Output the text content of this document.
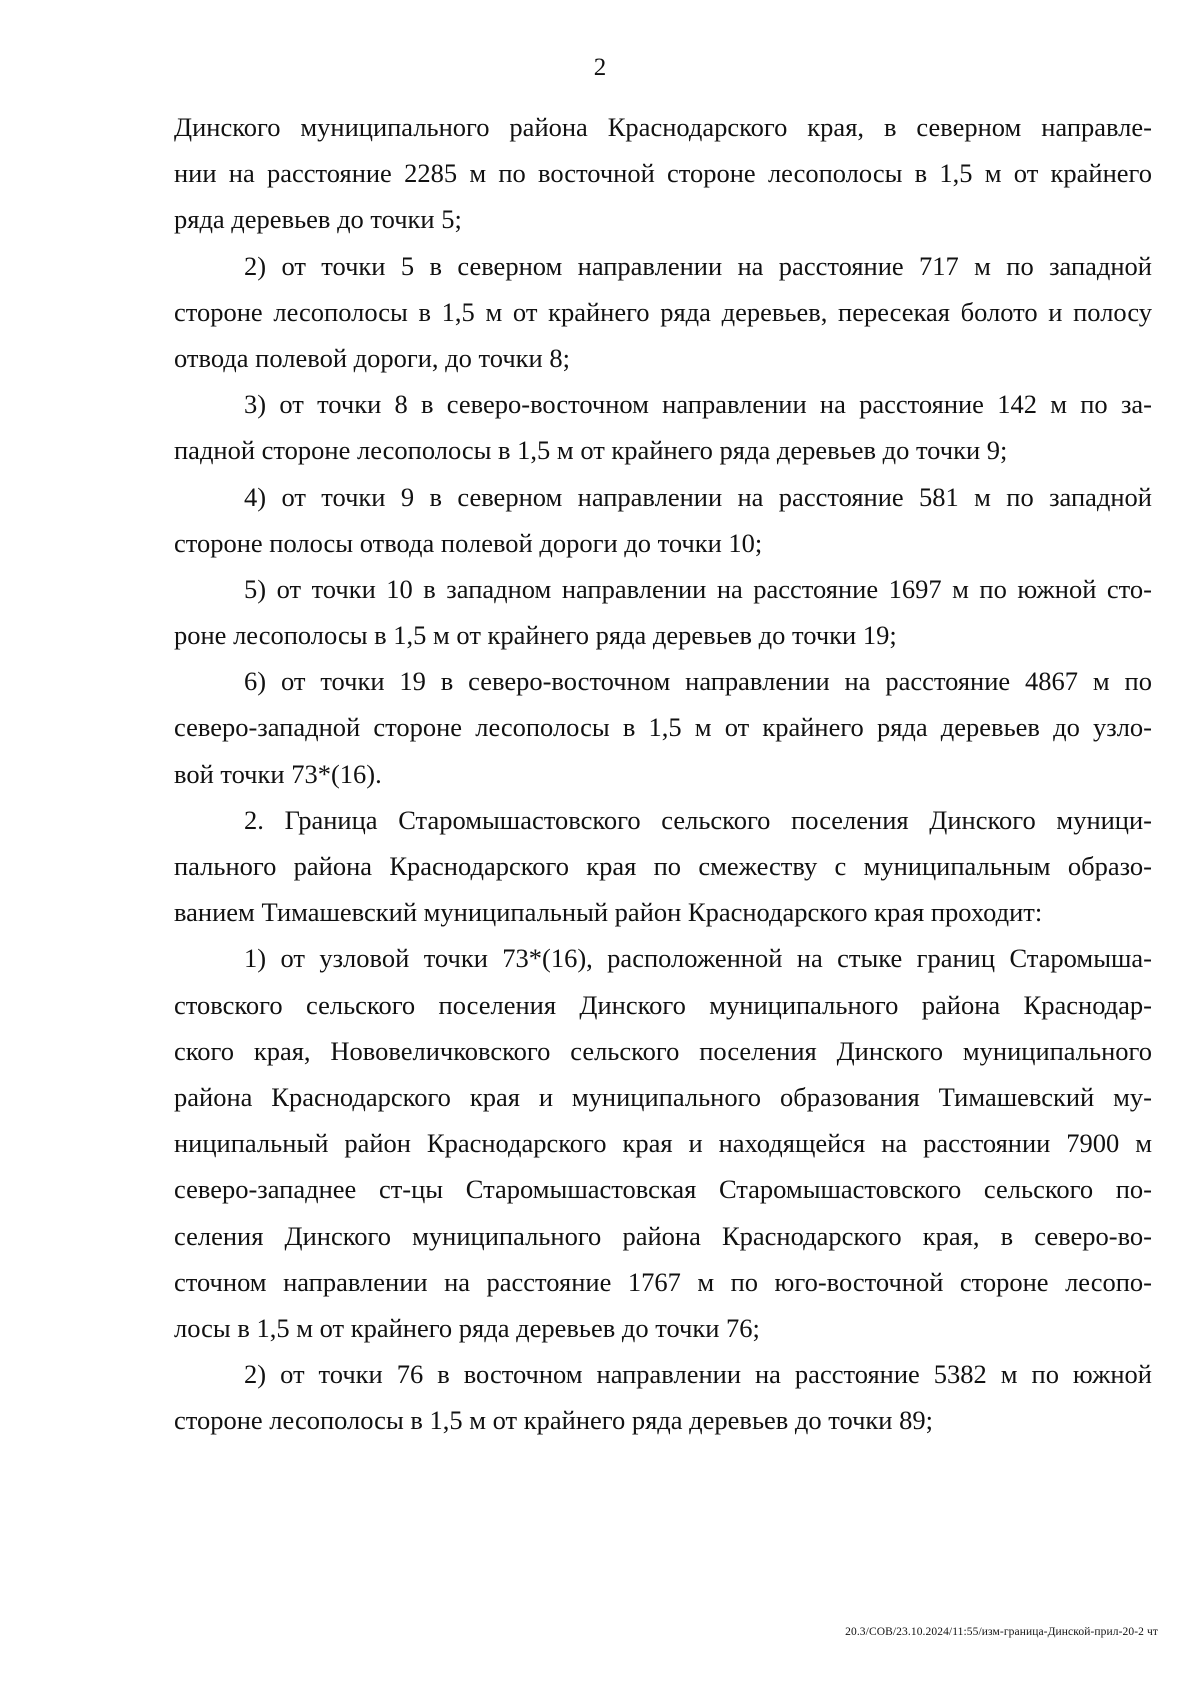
2
Динского муниципального района Краснодарского края, в северном направле-
нии на расстояние 2285 м по восточной стороне лесополосы в 1,5 м от крайнего
ряда деревьев до точки 5;
2) от точки 5 в северном направлении на расстояние 717 м по западной
стороне лесополосы в 1,5 м от крайнего ряда деревьев, пересекая болото и полосу
отвода полевой дороги, до точки 8;
3) от точки 8 в северо-восточном направлении на расстояние 142 м по за-
падной стороне лесополосы в 1,5 м от крайнего ряда деревьев до точки 9;
4) от точки 9 в северном направлении на расстояние 581 м по западной
стороне полосы отвода полевой дороги до точки 10;
5) от точки 10 в западном направлении на расстояние 1697 м по южной сто-
роне лесополосы в 1,5 м от крайнего ряда деревьев до точки 19;
6) от точки 19 в северо-восточном направлении на расстояние 4867 м по
северо-западной стороне лесополосы в 1,5 м от крайнего ряда деревьев до узло-
вой точки 73*(16).
2. Граница Старомышастовского сельского поселения Динского муници-
пального района Краснодарского края по смежеству с муниципальным образо-
ванием Тимашевский муниципальный район Краснодарского края проходит:
1) от узловой точки 73*(16), расположенной на стыке границ Старомыша-
стовского сельского поселения Динского муниципального района Краснодар-
ского края, Нововеличковского сельского поселения Динского муниципального
района Краснодарского края и муниципального образования Тимашевский му-
ниципальный район Краснодарского края и находящейся на расстоянии 7900 м
северо-западнее ст-цы Старомышастовская Старомышастовского сельского по-
селения Динского муниципального района Краснодарского края, в северо-во-
сточном направлении на расстояние 1767 м по юго-восточной стороне лесопо-
лосы в 1,5 м от крайнего ряда деревьев до точки 76;
2) от точки 76 в восточном направлении на расстояние 5382 м по южной
стороне лесополосы в 1,5 м от крайнего ряда деревьев до точки 89;
20.3/СОВ/23.10.2024/11:55/изм-граница-Динской-прил-20-2 чт
